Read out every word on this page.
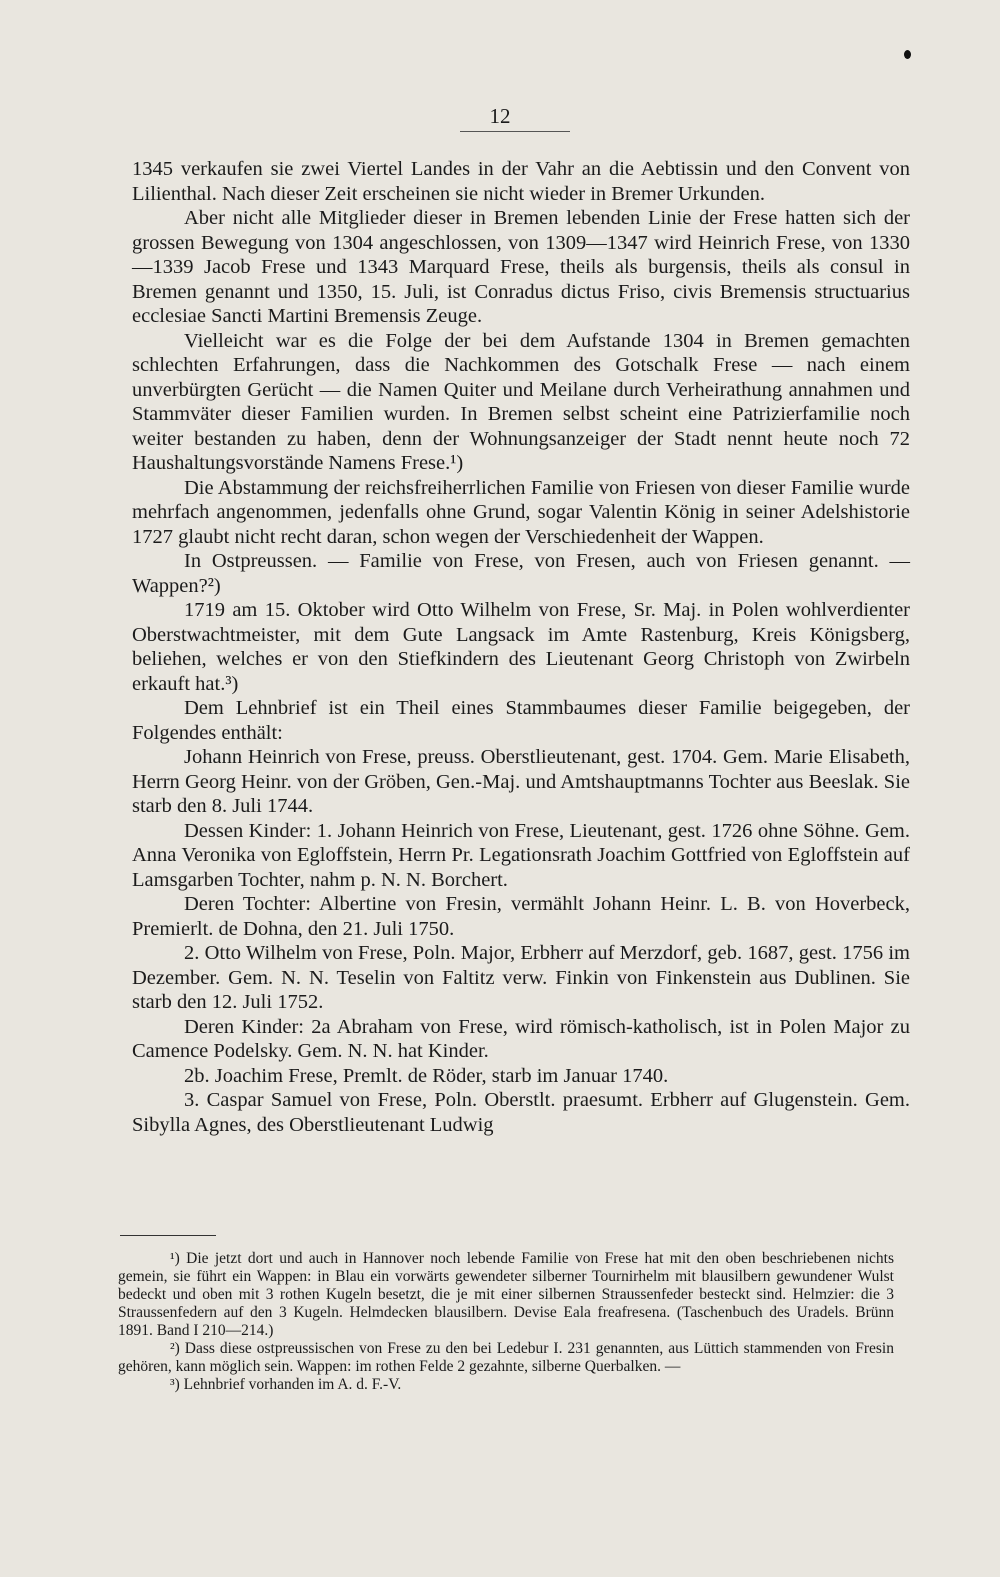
12

1345 verkaufen sie zwei Viertel Landes in der Vahr an die Aebtissin und den Convent von Lilienthal. Nach dieser Zeit erscheinen sie nicht wieder in Bremer Urkunden.

Aber nicht alle Mitglieder dieser in Bremen lebenden Linie der Frese hatten sich der grossen Bewegung von 1304 angeschlossen, von 1309—1347 wird Heinrich Frese, von 1330—1339 Jacob Frese und 1343 Marquard Frese, theils als burgensis, theils als consul in Bremen genannt und 1350, 15. Juli, ist Conradus dictus Friso, civis Bremensis structuarius ecclesiae Sancti Martini Bremensis Zeuge.

Vielleicht war es die Folge der bei dem Aufstande 1304 in Bremen gemachten schlechten Erfahrungen, dass die Nachkommen des Gotschalk Frese — nach einem unverbürgten Gerücht — die Namen Quiter und Meilane durch Verheirathung annahmen und Stammväter dieser Familien wurden. In Bremen selbst scheint eine Patrizierfamilie noch weiter bestanden zu haben, denn der Wohnungsanzeiger der Stadt nennt heute noch 72 Haushaltungsvorstände Namens Frese.¹)

Die Abstammung der reichsfreiherrlichen Familie von Friesen von dieser Familie wurde mehrfach angenommen, jedenfalls ohne Grund, sogar Valentin König in seiner Adelshistorie 1727 glaubt nicht recht daran, schon wegen der Verschiedenheit der Wappen.

In Ostpreussen. — Familie von Frese, von Fresen, auch von Friesen genannt. — Wappen?²)

1719 am 15. Oktober wird Otto Wilhelm von Frese, Sr. Maj. in Polen wohlverdienter Oberstwachtmeister, mit dem Gute Langsack im Amte Rastenburg, Kreis Königsberg, beliehen, welches er von den Stiefkindern des Lieutenant Georg Christoph von Zwirbeln erkauft hat.³)

Dem Lehnbrief ist ein Theil eines Stammbaumes dieser Familie beigegeben, der Folgendes enthält:

Johann Heinrich von Frese, preuss. Oberstlieutenant, gest. 1704. Gem. Marie Elisabeth, Herrn Georg Heinr. von der Gröben, Gen.-Maj. und Amtshauptmanns Tochter aus Beeslak. Sie starb den 8. Juli 1744.

Dessen Kinder: 1. Johann Heinrich von Frese, Lieutenant, gest. 1726 ohne Söhne. Gem. Anna Veronika von Egloffstein, Herrn Pr. Legationsrath Joachim Gottfried von Egloffstein auf Lamsgarben Tochter, nahm p. N. N. Borchert.

Deren Tochter: Albertine von Fresin, vermählt Johann Heinr. L. B. von Hoverbeck, Premierlt. de Dohna, den 21. Juli 1750.

2. Otto Wilhelm von Frese, Poln. Major, Erbherr auf Merzdorf, geb. 1687, gest. 1756 im Dezember. Gem. N. N. Teselin von Faltitz verw. Finkin von Finkenstein aus Dublinen. Sie starb den 12. Juli 1752.

Deren Kinder: 2a Abraham von Frese, wird römisch-katholisch, ist in Polen Major zu Camence Podelsky. Gem. N. N. hat Kinder.

2b. Joachim Frese, Premlt. de Röder, starb im Januar 1740.

3. Caspar Samuel von Frese, Poln. Oberstlt. praesumt. Erbherr auf Glugenstein. Gem. Sibylla Agnes, des Oberstlieutenant Ludwig

¹) Die jetzt dort und auch in Hannover noch lebende Familie von Frese hat mit den oben beschriebenen nichts gemein, sie führt ein Wappen: in Blau ein vorwärts gewendeter silberner Tournirhelm mit blausilbern gewundener Wulst bedeckt und oben mit 3 rothen Kugeln besetzt, die je mit einer silbernen Straussenfeder besteckt sind. Helmzier: die 3 Straussenfedern auf den 3 Kugeln. Helmdecken blausilbern. Devise Eala freafresena. (Taschenbuch des Uradels. Brünn 1891. Band I 210—214.)

²) Dass diese ostpreussischen von Frese zu den bei Ledebur I. 231 genannten, aus Lüttich stammenden von Fresin gehören, kann möglich sein. Wappen: im rothen Felde 2 gezahnte, silberne Querbalken. —

³) Lehnbrief vorhanden im A. d. F.-V.
